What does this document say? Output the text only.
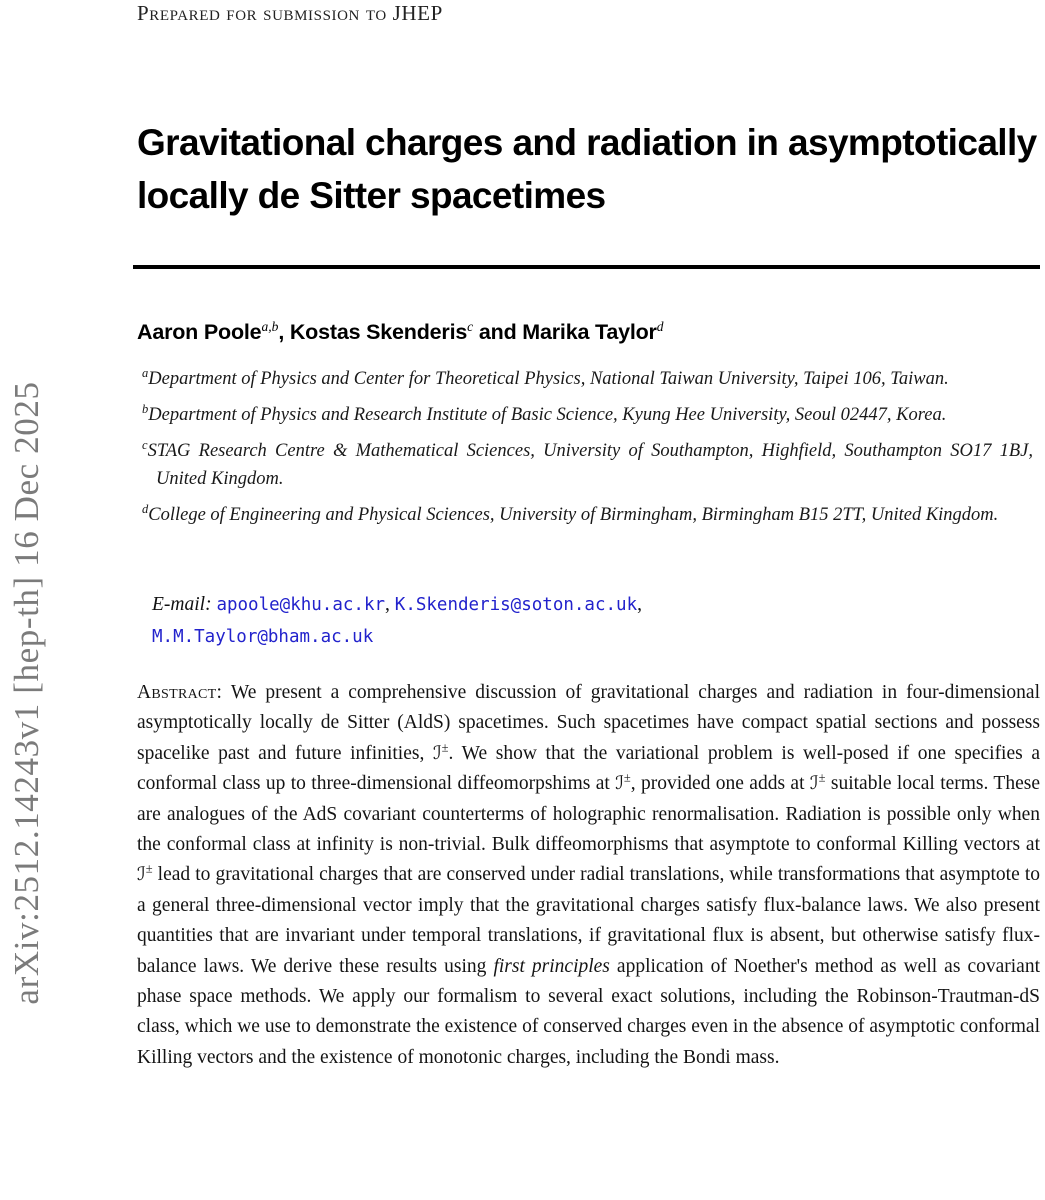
arXiv:2512.14243v1 [hep-th] 16 Dec 2025
Prepared for submission to JHEP
Gravitational charges and radiation in asymptotically
locally de Sitter spacetimes
Aaron Poole$^{a,b}$, Kostas Skenderis$^c$ and Marika Taylor$^d$

$^a$Department of Physics and Center for Theoretical Physics, National Taiwan University, Taipei 106, Taiwan.

$^b$Department of Physics and Research Institute of Basic Science, Kyung Hee University, Seoul 02447, Korea.

$^c$STAG Research Centre & Mathematical Sciences, University of Southampton, Highfield, Southampton SO17 1BJ, United Kingdom.

$^d$College of Engineering and Physical Sciences, University of Birmingham, Birmingham B15 2TT, United Kingdom.

E-mail: apoole@khu.ac.kr, K.Skenderis@soton.ac.uk,
M.M.Taylor@bham.ac.uk

Abstract: We present a comprehensive discussion of gravitational charges and radiation in four-dimensional asymptotically locally de Sitter (AldS) spacetimes. Such spacetimes have compact spatial sections and possess spacelike past and future infinities, ℐ±. We show that the variational problem is well-posed if one specifies a conformal class up to three-dimensional diffeomorpshims at ℐ±, provided one adds at ℐ± suitable local terms. These are analogues of the AdS covariant counterterms of holographic renormalisation. Radiation is possible only when the conformal class at infinity is non-trivial. Bulk diffeomorphisms that asymptote to conformal Killing vectors at ℐ± lead to gravitational charges that are conserved under radial translations, while transformations that asymptote to a general three-dimensional vector imply that the gravitational charges satisfy flux-balance laws. We also present quantities that are invariant under temporal translations, if gravitational flux is absent, but otherwise satisfy flux-balance laws. We derive these results using first principles application of Noether's method as well as covariant phase space methods. We apply our formalism to several exact solutions, including the Robinson-Trautman-dS class, which we use to demonstrate the existence of conserved charges even in the absence of asymptotic conformal Killing vectors and the existence of monotonic charges, including the Bondi mass.
